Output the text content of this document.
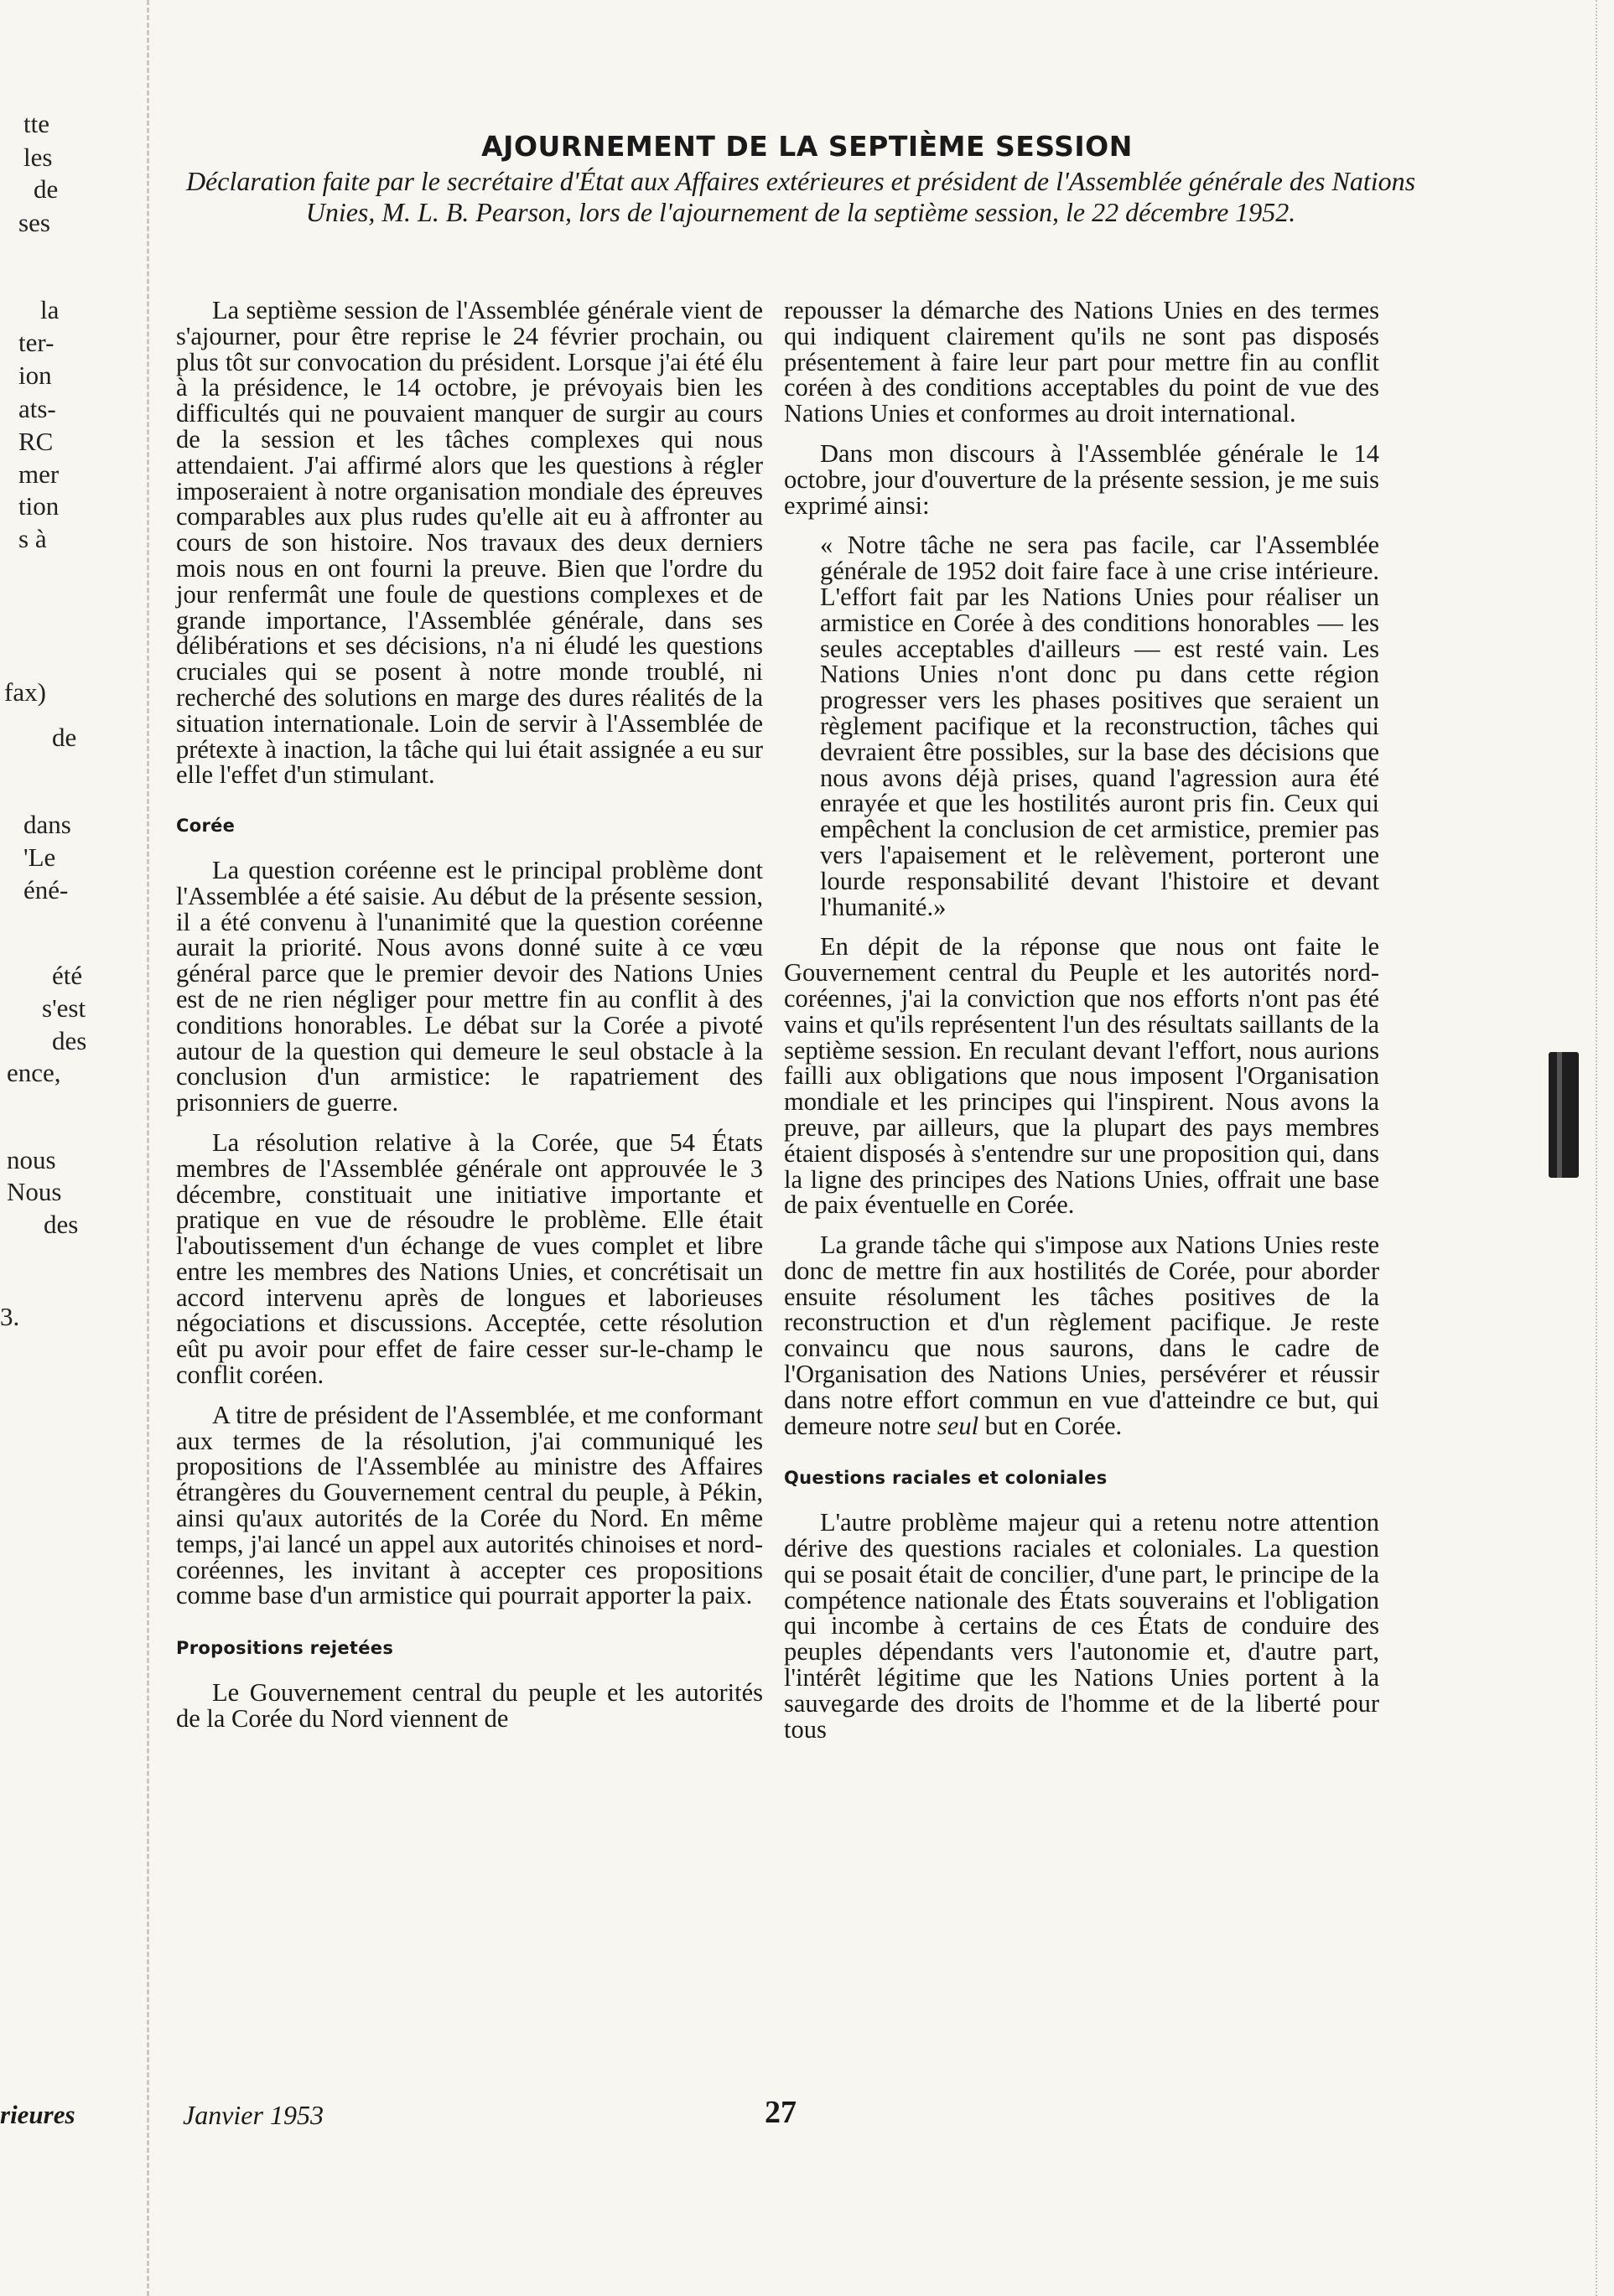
tte
les
de
ses
la
ter-
ion
ats-
RC
mer
tion
s à
fax)
de
dans
'Le
éné-
été
s'est
des
ence,
nous
Nous
des
3.
AJOURNEMENT DE LA SEPTIÈME SESSION
Déclaration faite par le secrétaire d'État aux Affaires extérieures et président de l'Assemblée générale des Nations Unies, M. L. B. Pearson, lors de l'ajournement de la septième session, le 22 décembre 1952.

La septième session de l'Assemblée générale vient de s'ajourner, pour être reprise le 24 février prochain, ou plus tôt sur convocation du président. Lorsque j'ai été élu à la présidence, le 14 octobre, je prévoyais bien les difficultés qui ne pouvaient manquer de surgir au cours de la session et les tâches complexes qui nous attendaient. J'ai affirmé alors que les questions à régler imposeraient à notre organisation mondiale des épreuves comparables aux plus rudes qu'elle ait eu à affronter au cours de son histoire. Nos travaux des deux derniers mois nous en ont fourni la preuve. Bien que l'ordre du jour renfermât une foule de questions complexes et de grande importance, l'Assemblée générale, dans ses délibérations et ses décisions, n'a ni éludé les questions cruciales qui se posent à notre monde troublé, ni recherché des solutions en marge des dures réalités de la situation internationale. Loin de servir à l'Assemblée de prétexte à inaction, la tâche qui lui était assignée a eu sur elle l'effet d'un stimulant.

Corée

La question coréenne est le principal problème dont l'Assemblée a été saisie. Au début de la présente session, il a été convenu à l'unanimité que la question coréenne aurait la priorité. Nous avons donné suite à ce vœu général parce que le premier devoir des Nations Unies est de ne rien négliger pour mettre fin au conflit à des conditions honorables. Le débat sur la Corée a pivoté autour de la question qui demeure le seul obstacle à la conclusion d'un armistice: le rapatriement des prisonniers de guerre.

La résolution relative à la Corée, que 54 États membres de l'Assemblée générale ont approuvée le 3 décembre, constituait une initiative importante et pratique en vue de résoudre le problème. Elle était l'aboutissement d'un échange de vues complet et libre entre les membres des Nations Unies, et concrétisait un accord intervenu après de longues et laborieuses négociations et discussions. Acceptée, cette résolution eût pu avoir pour effet de faire cesser sur-le-champ le conflit coréen.

A titre de président de l'Assemblée, et me conformant aux termes de la résolution, j'ai communiqué les propositions de l'Assemblée au ministre des Affaires étrangères du Gouvernement central du peuple, à Pékin, ainsi qu'aux autorités de la Corée du Nord. En même temps, j'ai lancé un appel aux autorités chinoises et nord-coréennes, les invitant à accepter ces propositions comme base d'un armistice qui pourrait apporter la paix.

Propositions rejetées

Le Gouvernement central du peuple et les autorités de la Corée du Nord viennent de

repousser la démarche des Nations Unies en des termes qui indiquent clairement qu'ils ne sont pas disposés présentement à faire leur part pour mettre fin au conflit coréen à des conditions acceptables du point de vue des Nations Unies et conformes au droit international.

Dans mon discours à l'Assemblée générale le 14 octobre, jour d'ouverture de la présente session, je me suis exprimé ainsi:

« Notre tâche ne sera pas facile, car l'Assemblée générale de 1952 doit faire face à une crise intérieure. L'effort fait par les Nations Unies pour réaliser un armistice en Corée à des conditions honorables — les seules acceptables d'ailleurs — est resté vain. Les Nations Unies n'ont donc pu dans cette région progresser vers les phases positives que seraient un règlement pacifique et la reconstruction, tâches qui devraient être possibles, sur la base des décisions que nous avons déjà prises, quand l'agression aura été enrayée et que les hostilités auront pris fin. Ceux qui empêchent la conclusion de cet armistice, premier pas vers l'apaisement et le relèvement, porteront une lourde responsabilité devant l'histoire et devant l'humanité.»

En dépit de la réponse que nous ont faite le Gouvernement central du Peuple et les autorités nord-coréennes, j'ai la conviction que nos efforts n'ont pas été vains et qu'ils représentent l'un des résultats saillants de la septième session. En reculant devant l'effort, nous aurions failli aux obligations que nous imposent l'Organisation mondiale et les principes qui l'inspirent. Nous avons la preuve, par ailleurs, que la plupart des pays membres étaient disposés à s'entendre sur une proposition qui, dans la ligne des principes des Nations Unies, offrait une base de paix éventuelle en Corée.

La grande tâche qui s'impose aux Nations Unies reste donc de mettre fin aux hostilités de Corée, pour aborder ensuite résolument les tâches positives de la reconstruction et d'un règlement pacifique. Je reste convaincu que nous saurons, dans le cadre de l'Organisation des Nations Unies, persévérer et réussir dans notre effort commun en vue d'atteindre ce but, qui demeure notre seul but en Corée.

Questions raciales et coloniales

L'autre problème majeur qui a retenu notre attention dérive des questions raciales et coloniales. La question qui se posait était de concilier, d'une part, le principe de la compétence nationale des États souverains et l'obligation qui incombe à certains de ces États de conduire des peuples dépendants vers l'autonomie et, d'autre part, l'intérêt légitime que les Nations Unies portent à la sauvegarde des droits de l'homme et de la liberté pour tous

rieures	Janvier 1953	27
